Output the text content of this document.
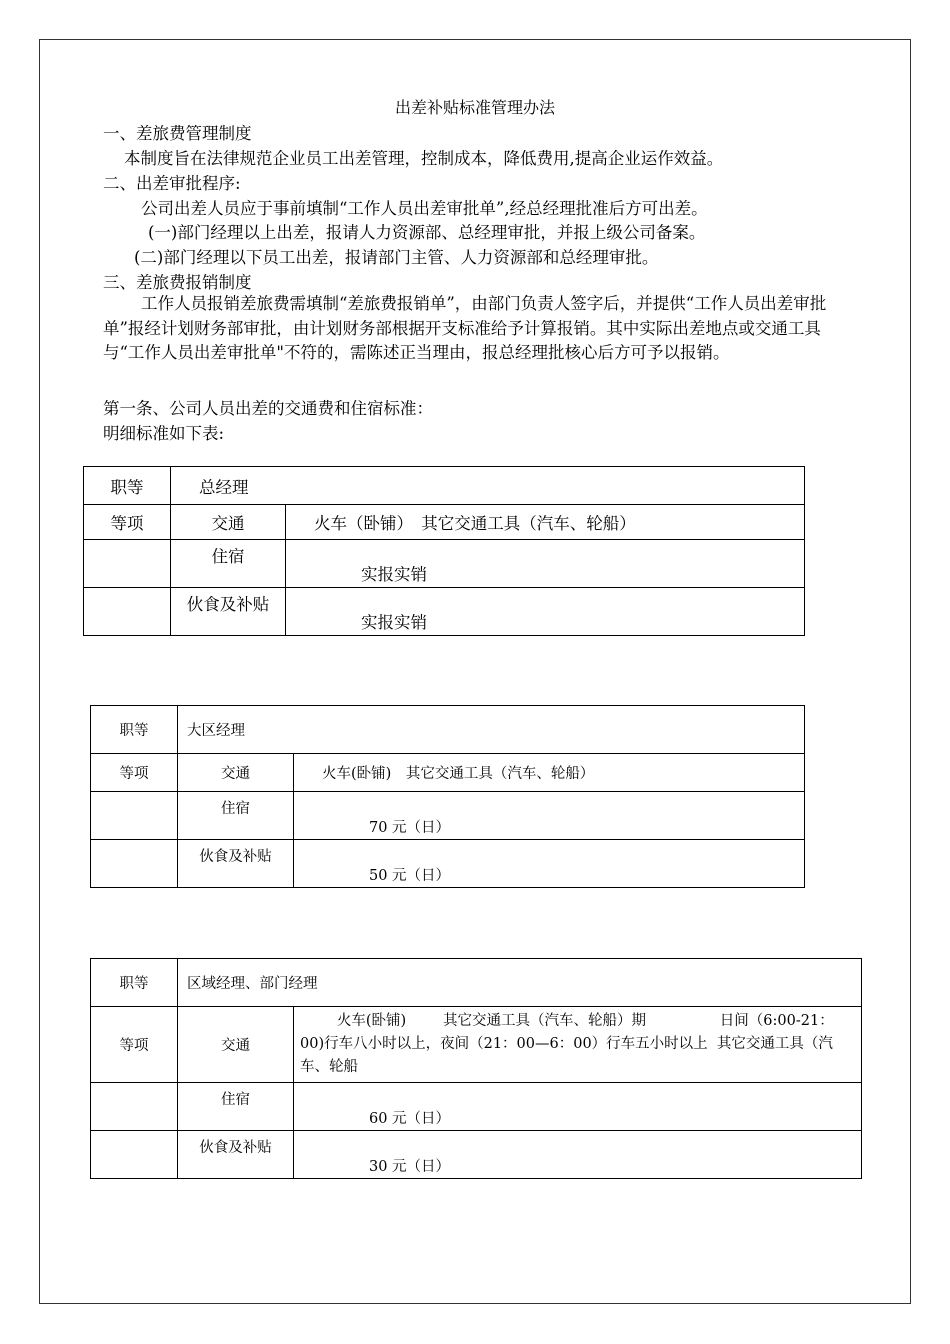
出差补贴标准管理办法
一、差旅费管理制度
本制度旨在法律规范企业员工出差管理，控制成本，降低费用,提高企业运作效益。
二、出差审批程序:
公司出差人员应于事前填制“工作人员出差审批单”,经总经理批准后方可出差。
(一)部门经理以上出差，报请人力资源部、总经理审批，并报上级公司备案。
(二)部门经理以下员工出差，报请部门主管、人力资源部和总经理审批。
三、差旅费报销制度
工作人员报销差旅费需填制“差旅费报销单”，由部门负责人签字后，并提供“工作人员出差审批单”报经计划财务部审批，由计划财务部根据开支标准给予计算报销。其中实际出差地点或交通工具与“工作人员出差审批单"不符的，需陈述正当理由，报总经理批核心后方可予以报销。
第一条、公司人员出差的交通费和住宿标准：
明细标准如下表:
职等	总经理	
等项	交通	火车（卧铺）　其它交通工具（汽车、轮船）
	住宿	实报实销
	伙食及补贴	实报实销
职等	大区经理	
等项	交通	火车(卧铺)　其它交通工具（汽车、轮船）
	住宿	70 元（日）
	伙食及补贴	50 元（日）
职等	区域经理、部门经理	
等项	交通	火车(卧铺)        其它交通工具（汽车、轮船）期                日间（6:00-21：00)行车八小时以上，夜间（21：00—6：00）行车五小时以上  其它交通工具（汽车、轮船
	住宿	60 元（日）
	伙食及补贴	30 元（日）
